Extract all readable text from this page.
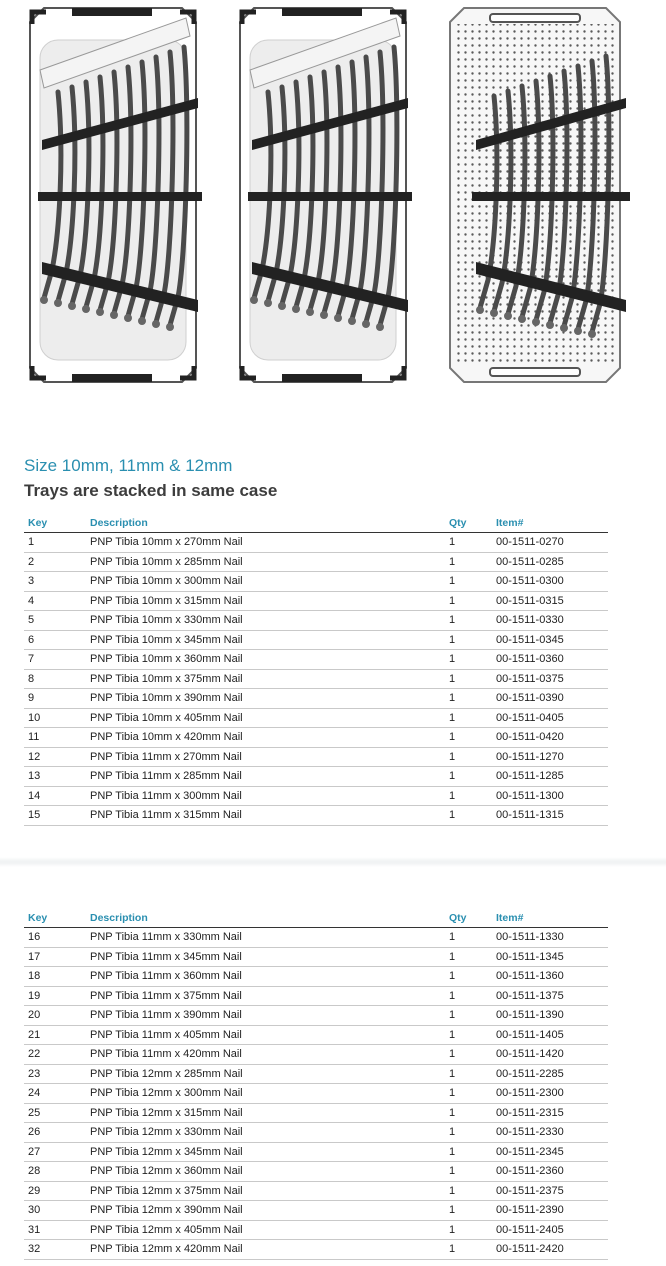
Size 10mm, 11mm & 12mm
Trays are stacked in same case
Key	Description	Qty	Item#
1	PNP Tibia 10mm x 270mm Nail	1	00-1511-0270
2	PNP Tibia 10mm x 285mm Nail	1	00-1511-0285
3	PNP Tibia 10mm x 300mm Nail	1	00-1511-0300
4	PNP Tibia 10mm x 315mm Nail	1	00-1511-0315
5	PNP Tibia 10mm x 330mm Nail	1	00-1511-0330
6	PNP Tibia 10mm x 345mm Nail	1	00-1511-0345
7	PNP Tibia 10mm x 360mm Nail	1	00-1511-0360
8	PNP Tibia 10mm x 375mm Nail	1	00-1511-0375
9	PNP Tibia 10mm x 390mm Nail	1	00-1511-0390
10	PNP Tibia 10mm x 405mm Nail	1	00-1511-0405
11	PNP Tibia 10mm x 420mm Nail	1	00-1511-0420
12	PNP Tibia 11mm x 270mm Nail	1	00-1511-1270
13	PNP Tibia 11mm x 285mm Nail	1	00-1511-1285
14	PNP Tibia 11mm x 300mm Nail	1	00-1511-1300
15	PNP Tibia 11mm x 315mm Nail	1	00-1511-1315
Key	Description	Qty	Item#
16	PNP Tibia 11mm x 330mm Nail	1	00-1511-1330
17	PNP Tibia 11mm x 345mm Nail	1	00-1511-1345
18	PNP Tibia 11mm x 360mm Nail	1	00-1511-1360
19	PNP Tibia 11mm x 375mm Nail	1	00-1511-1375
20	PNP Tibia 11mm x 390mm Nail	1	00-1511-1390
21	PNP Tibia 11mm x 405mm Nail	1	00-1511-1405
22	PNP Tibia 11mm x 420mm Nail	1	00-1511-1420
23	PNP Tibia 12mm x 285mm Nail	1	00-1511-2285
24	PNP Tibia 12mm x 300mm Nail	1	00-1511-2300
25	PNP Tibia 12mm x 315mm Nail	1	00-1511-2315
26	PNP Tibia 12mm x 330mm Nail	1	00-1511-2330
27	PNP Tibia 12mm x 345mm Nail	1	00-1511-2345
28	PNP Tibia 12mm x 360mm Nail	1	00-1511-2360
29	PNP Tibia 12mm x 375mm Nail	1	00-1511-2375
30	PNP Tibia 12mm x 390mm Nail	1	00-1511-2390
31	PNP Tibia 12mm x 405mm Nail	1	00-1511-2405
32	PNP Tibia 12mm x 420mm Nail	1	00-1511-2420
